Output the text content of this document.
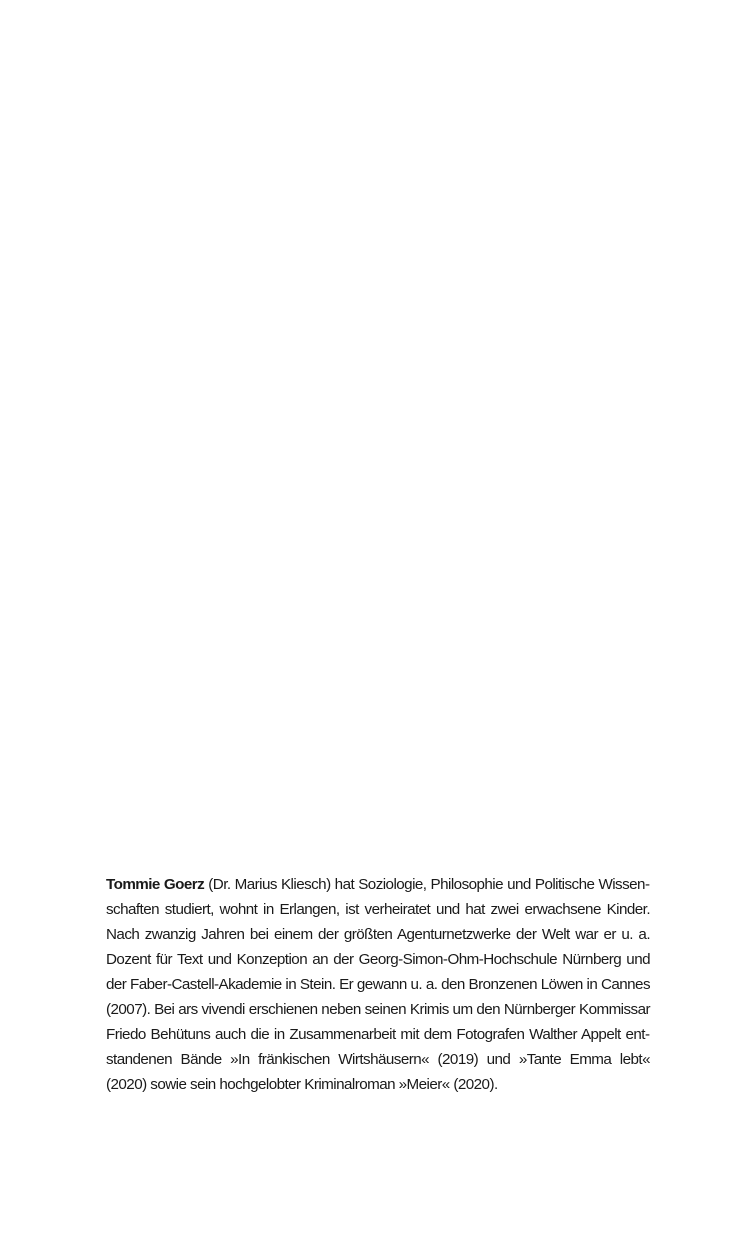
Tommie Goerz (Dr. Marius Kliesch) hat Soziologie, Philosophie und Politische Wissenschaften studiert, wohnt in Erlangen, ist verheiratet und hat zwei erwachsene Kinder. Nach zwanzig Jahren bei einem der größten Agenturnetzwerke der Welt war er u. a. Dozent für Text und Konzeption an der Georg-Simon-Ohm-Hochschule Nürnberg und der Faber-Castell-Akademie in Stein. Er gewann u. a. den Bronzenen Löwen in Cannes (2007). Bei ars vivendi erschienen neben seinen Krimis um den Nürnberger Kommissar Friedo Behütuns auch die in Zusammenarbeit mit dem Fotografen Walther Appelt entstandenen Bände »In fränkischen Wirtshäusern« (2019) und »Tante Emma lebt« (2020) sowie sein hochgelobter Kriminalroman »Meier« (2020).
